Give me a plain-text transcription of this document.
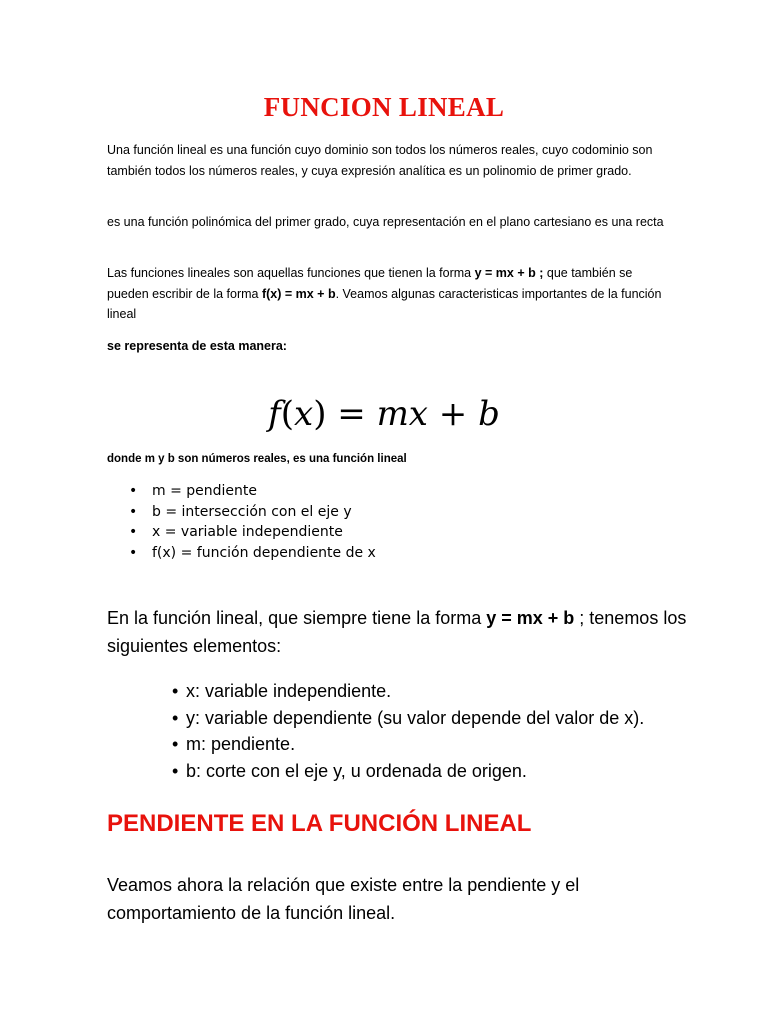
FUNCION LINEAL

Una función lineal es una función cuyo dominio son todos los números reales, cuyo codominio son también todos los números reales, y cuya expresión analítica es un polinomio de primer grado.

es una función polinómica del primer grado, cuya representación en el plano cartesiano es una recta

Las funciones lineales son aquellas funciones que tienen la forma y = mx + b ; que también se pueden escribir de la forma f(x) = mx + b. Veamos algunas caracteristicas importantes de la función lineal

se representa de esta manera:

f(x) = mx + b

donde m y b son números reales, es una función lineal

• m = pendiente
• b = intersección con el eje y
• x = variable independiente
• f(x) = función dependiente de x

En la función lineal, que siempre tiene la forma y = mx + b ; tenemos los siguientes elementos:

• x: variable independiente.
• y: variable dependiente (su valor depende del valor de x).
• m: pendiente.
• b: corte con el eje y, u ordenada de origen.
PENDIENTE EN LA FUNCIÓN LINEAL

Veamos ahora la relación que existe entre la pendiente y el comportamiento de la función lineal.
